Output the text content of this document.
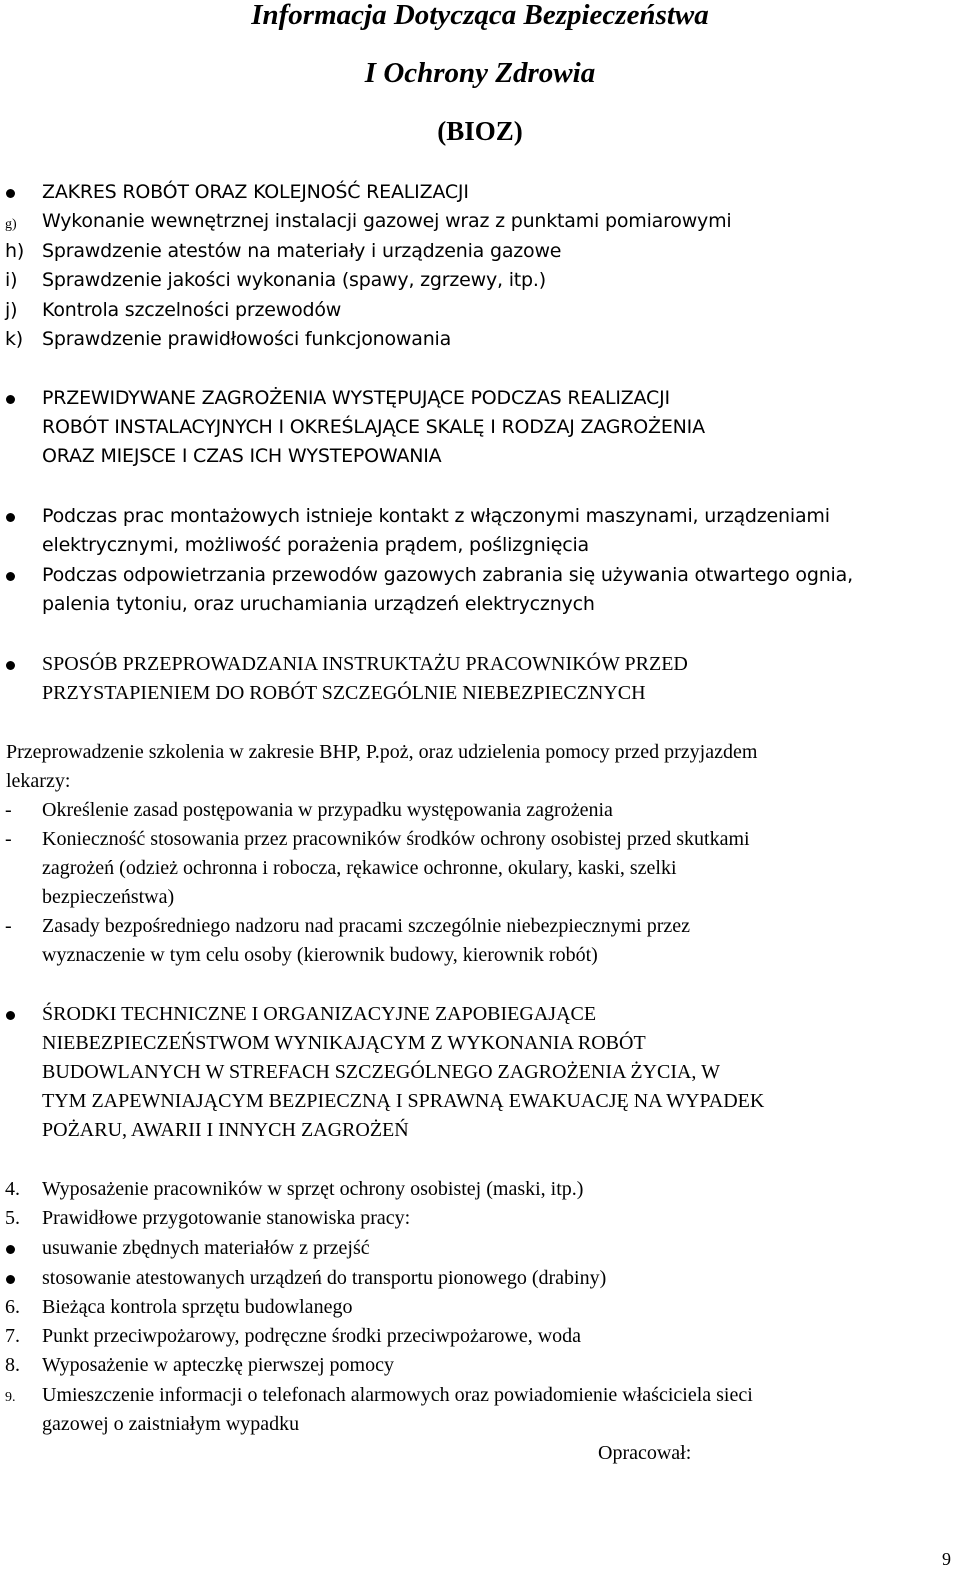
Informacja Dotycząca Bezpieczeństwa
I Ochrony Zdrowia
(BIOZ)
ZAKRES ROBÓT ORAZ KOLEJNOŚĆ REALIZACJI
g)	Wykonanie wewnętrznej instalacji gazowej wraz z punktami pomiarowymi
h) Sprawdzenie atestów na materiały i urządzenia gazowe
i)	Sprawdzenie jakości wykonania (spawy, zgrzewy, itp.)
j)	Kontrola szczelności przewodów
k) Sprawdzenie prawidłowości funkcjonowania
PRZEWIDYWANE ZAGROŻENIA WYSTĘPUJĄCE PODCZAS REALIZACJI
ROBÓT INSTALACYJNYCH I OKREŚLAJĄCE SKALĘ I RODZAJ ZAGROŻENIA
ORAZ MIEJSCE I CZAS ICH WYSTEPOWANIA
Podczas prac montażowych istnieje kontakt z włączonymi maszynami, urządzeniami
elektrycznymi, możliwość porażenia prądem, poślizgnięcia
Podczas odpowietrzania przewodów gazowych zabrania się używania otwartego ognia,
palenia tytoniu, oraz uruchamiania urządzeń elektrycznych
SPOSÓB PRZEPROWADZANIA INSTRUKTAŻU PRACOWNIKÓW PRZED
PRZYSTAPIENIEM DO ROBÓT SZCZEGÓLNIE NIEBEZPIECZNYCH
Przeprowadzenie szkolenia w zakresie BHP, P.poż, oraz udzielenia pomocy przed przyjazdem
lekarzy:
-	Określenie zasad postępowania w przypadku występowania zagrożenia
-	Konieczność stosowania przez pracowników środków ochrony osobistej przed skutkami
zagrożeń (odzież ochronna i robocza, rękawice ochronne, okulary, kaski, szelki
bezpieczeństwa)
-	Zasady bezpośredniego nadzoru nad pracami szczególnie niebezpiecznymi przez
wyznaczenie w tym celu osoby (kierownik budowy, kierownik robót)
ŚRODKI TECHNICZNE I ORGANIZACYJNE ZAPOBIEGAJĄCE
NIEBEZPIECZEŃSTWOM WYNIKAJĄCYM Z WYKONANIA ROBÓT
BUDOWLANYCH W STREFACH SZCZEGÓLNEGO ZAGROŻENIA ŻYCIA, W
TYM ZAPEWNIAJĄCYM BEZPIECZNĄ I SPRAWNĄ EWAKUACJĘ NA WYPADEK
POŻARU, AWARII I INNYCH ZAGROŻEŃ
4.	Wyposażenie pracowników w sprzęt ochrony osobistej (maski, itp.)
5.	Prawidłowe przygotowanie stanowiska pracy:
usuwanie zbędnych materiałów z przejść
stosowanie atestowanych urządzeń do transportu pionowego (drabiny)
6.	Bieżąca kontrola sprzętu budowlanego
7.	Punkt przeciwpożarowy, podręczne środki przeciwpożarowe, woda
8.	Wyposażenie w apteczkę pierwszej pomocy
9.	Umieszczenie informacji o telefonach alarmowych oraz powiadomienie właściciela sieci
gazowej o zaistniałym wypadku
Opracował:
9
